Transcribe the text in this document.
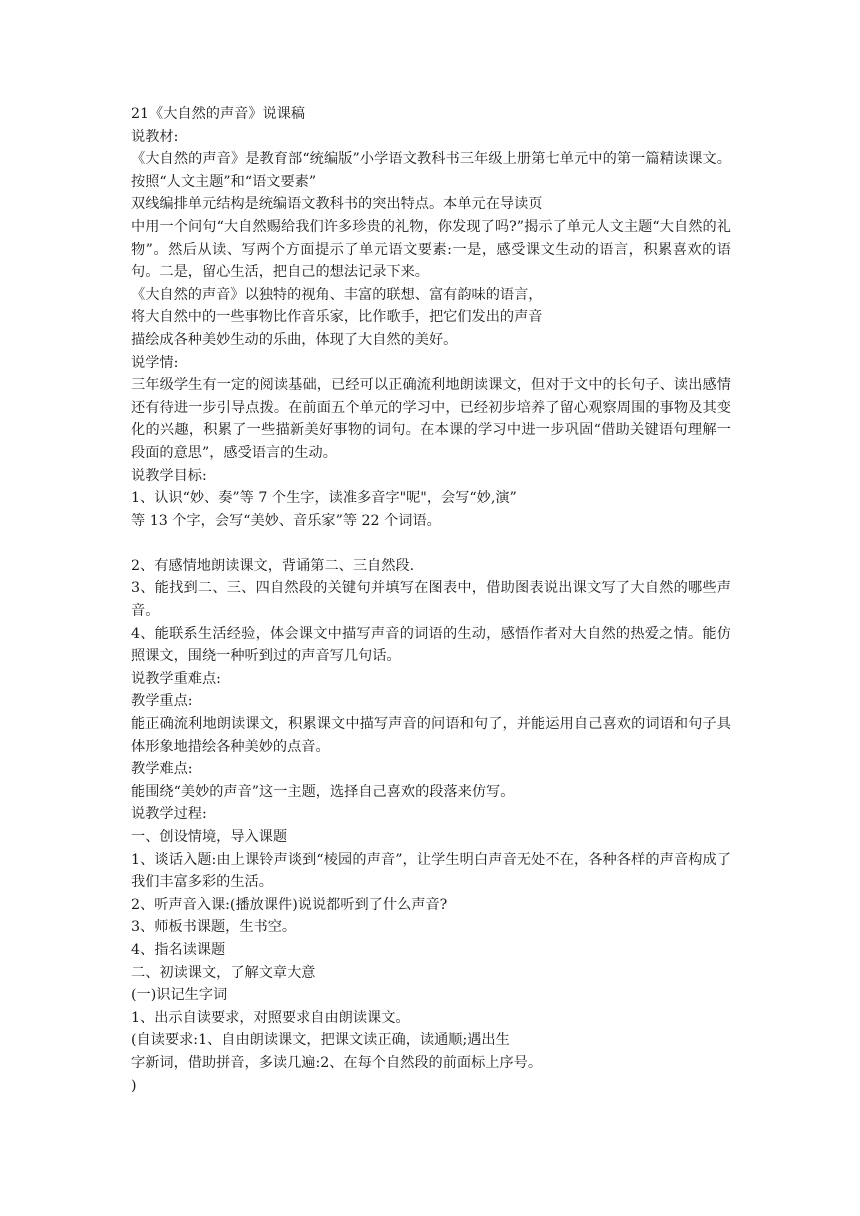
21《大自然的声音》说课稿
说教材:
《大自然的声音》是教育部“统编版”小学语文教科书三年级上册第七单元中的第一篇精读课文。按照“人文主题”和“语文要素”
双线编排单元结构是统编语文教科书的突出特点。本单元在导读页
中用一个问句“大自然赐给我们许多珍贵的礼物，你发现了吗?”揭示了单元人文主题“大自然的礼物”。然后从读、写两个方面提示了单元语文要素:一是，感受课文生动的语言，积累喜欢的语句。二是，留心生活，把自己的想法记录下来。
《大自然的声音》以独特的视角、丰富的联想、富有韵味的语言，
将大自然中的一些事物比作音乐家，比作歌手，把它们发出的声音
描绘成各种美妙生动的乐曲，体现了大自然的美好。
说学情:
三年级学生有一定的阅读基础，已经可以正确流利地朗读课文，但对于文中的长句子、读出感情还有待进一步引导点拨。在前面五个单元的学习中，已经初步培养了留心观察周围的事物及其变化的兴趣，积累了一些描新美好事物的词句。在本课的学习中进一步巩固“借助关键语句理解一段面的意思”，感受语言的生动。
说教学目标:
1、认识“妙、奏”等 7 个生字，读准多音字"呢"，会写“妙,演”
等 13 个字，会写“美妙、音乐家”等 22 个词语。
2、有感情地朗读课文，背诵第二、三自然段.
3、能找到二、三、四自然段的关键句并填写在图表中，借助图表说出课文写了大自然的哪些声音。
4、能联系生活经验，体会课文中描写声音的词语的生动，感悟作者对大自然的热爱之情。能仿照课文，围绕一种听到过的声音写几句话。
说教学重难点:
教学重点:
能正确流利地朗读课文，积累课文中描写声音的问语和句了，并能运用自己喜欢的词语和句子具体形象地措绘各种美妙的点音。
教学难点:
能围绕“美妙的声音”这一主题，选择自己喜欢的段落来仿写。
说教学过程:
一、创设情境，导入课题
1、谈话入题:由上课铃声谈到“棱园的声音”，让学生明白声音无处不在，各种各样的声音构成了我们丰富多彩的生活。
2、听声音入课:(播放课件)说说都听到了什么声音?
3、师板书课题，生书空。
4、指名读课题
二、初读课文，了解文章大意
(一)识记生字词
1、出示自读要求，对照要求自由朗读课文。
(自读要求:1、自由朗读课文，把课文读正确，读通顺;遇出生
字新词，借助拼音，多读几遍:2、在每个自然段的前面标上序号。
)
